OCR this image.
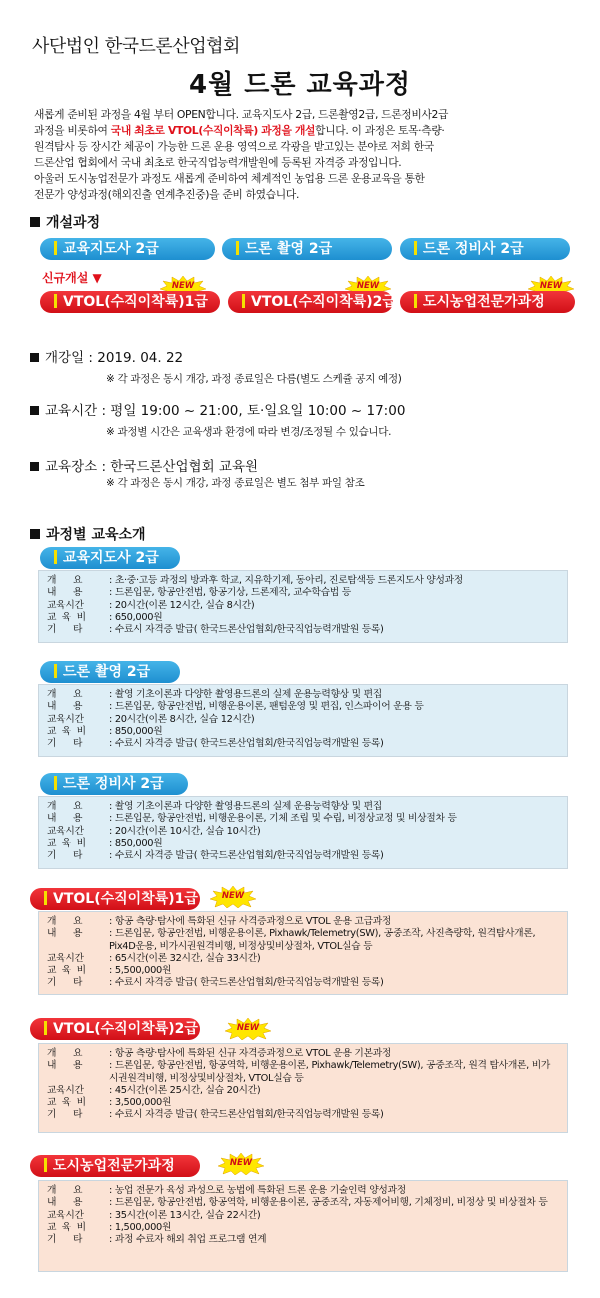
사단법인 한국드론산업협회
4월 드론 교육과정
새롭게 준비된 과정을 4월 부터 OPEN합니다. 교육지도사 2급, 드론촬영2급, 드론정비사2급
과정을 비롯하여 국내 최초로 VTOL(수직이착륙) 과정을 개설합니다. 이 과정은 토목·측량·
원격탐사 등 장시간 체공이 가능한 드론 운용 영역으로 각광을 받고있는 분야로 저희 한국
드론산업 협회에서 국내 최초로 한국직업능력개발원에 등록된 자격증 과정입니다.
아울러 도시농업전문가 과정도 새롭게 준비하여 체계적인 농업용 드론 운용교육을 통한
전문가 양성과정(해외진출 연계추진중)을 준비 하였습니다.
개설과정
교육지도사 2급	드론 촬영 2급	드론 정비사 2급
신규개설 ▼
NEW	NEW	NEW
VTOL(수직이착륙)1급	VTOL(수직이착륙)2급	도시농업전문가과정
개강일 : 2019. 04. 22
※ 각 과정은 동시 개강, 과정 종료일은 다름(별도 스케쥴 공지 예정)
교육시간 : 평일 19:00 ~ 21:00, 토·일요일 10:00 ~ 17:00
※ 과정별 시간은 교육생과 환경에 따라 변경/조정될 수 있습니다.
교육장소 : 한국드론산업협회 교육원
※ 각 과정은 동시 개강, 과정 종료일은 별도 첨부 파일 참조
과정별 교육소개
교육지도사 2급
개      요	: 초·중·고등 과정의 방과후 학교, 지유학기제, 동아리, 진로탐색등 드론지도사 양성과정
내      용	: 드론입문, 항공안전법, 항공기상, 드론제작, 교수학습법 등
교육시간	: 20시간(이론 12시간, 실습 8시간)
교  육  비	: 650,000원
기      타	: 수료시 자격증 발급( 한국드론산업협회/한국직업능력개발원 등록)
드론 촬영 2급
개      요	: 촬영 기초이론과 다양한 촬영용드론의 실제 운용능력향상 및 편집
내      용	: 드론입문, 항공안전법, 비행운용이론, 팬텀운영 및 편집, 인스파이어 운용 등
교육시간	: 20시간(이론 8시간, 실습 12시간)
교  육  비	: 850,000원
기      타	: 수료시 자격증 발급( 한국드론산업협회/한국직업능력개발원 등록)
드론 정비사 2급
개      요	: 촬영 기초이론과 다양한 촬영용드론의 실제 운용능력향상 및 편집
내      용	: 드론입문, 항공안전법, 비행운용이론, 기체 조립 및 수립, 비정상교정 및 비상절차 등
교육시간	: 20시간(이론 10시간, 실습 10시간)
교  육  비	: 850,000원
기      타	: 수료시 자격증 발급( 한국드론산업협회/한국직업능력개발원 등록)
VTOL(수직이착륙)1급	NEW
개      요	: 항공 측량·탐사에 특화된 신규 사격증과정으로 VTOL 운용 고급과정
내      용	: 드론입문, 항공안전법, 비행운용이론, Pixhawk/Telemetry(SW), 공중조작, 사진측량학, 원격탐사개론, Pix4D운용, 비가시권원격비행, 비정상및비상절차, VTOL실습 등
교육시간	: 65시간(이론 32시간, 실습 33시간)
교  육  비	: 5,500,000원
기      타	: 수료시 자격증 발급( 한국드론산업협회/한국직업능력개발원 등록)
VTOL(수직이착륙)2급	NEW
개      요	: 항공 측량·탐사에 특화된 신규 자격증과정으로 VTOL 운용 기본과정
내      용	: 드론입문, 항공안전법, 항공역학, 비행운용이론, Pixhawk/Telemetry(SW), 공중조작, 원격 탐사개론, 비가시권원격비행, 비정상및비상절차, VTOL실습 등
교육시간	: 45시간(이론 25시간, 실습 20시간)
교  육  비	: 3,500,000원
기      타	: 수료시 자격증 발급( 한국드론산업협회/한국직업능력개발원 등록)
도시농업전문가과정	NEW
개      요	: 농업 전문가 육성 과성으로 농법에 특화된 드론 운용 기술인력 양성과정
내      용	: 드론입문, 항공안전법, 항공역학, 비행운용이론, 공중조작, 자동제어비행, 기체정비, 비정상 및 비상절차 등
교육시간	: 35시간(이론 13시간, 실습 22시간)
교  육  비	: 1,500,000원
기      타	: 과정 수료자 해외 취업 프로그램 연계
